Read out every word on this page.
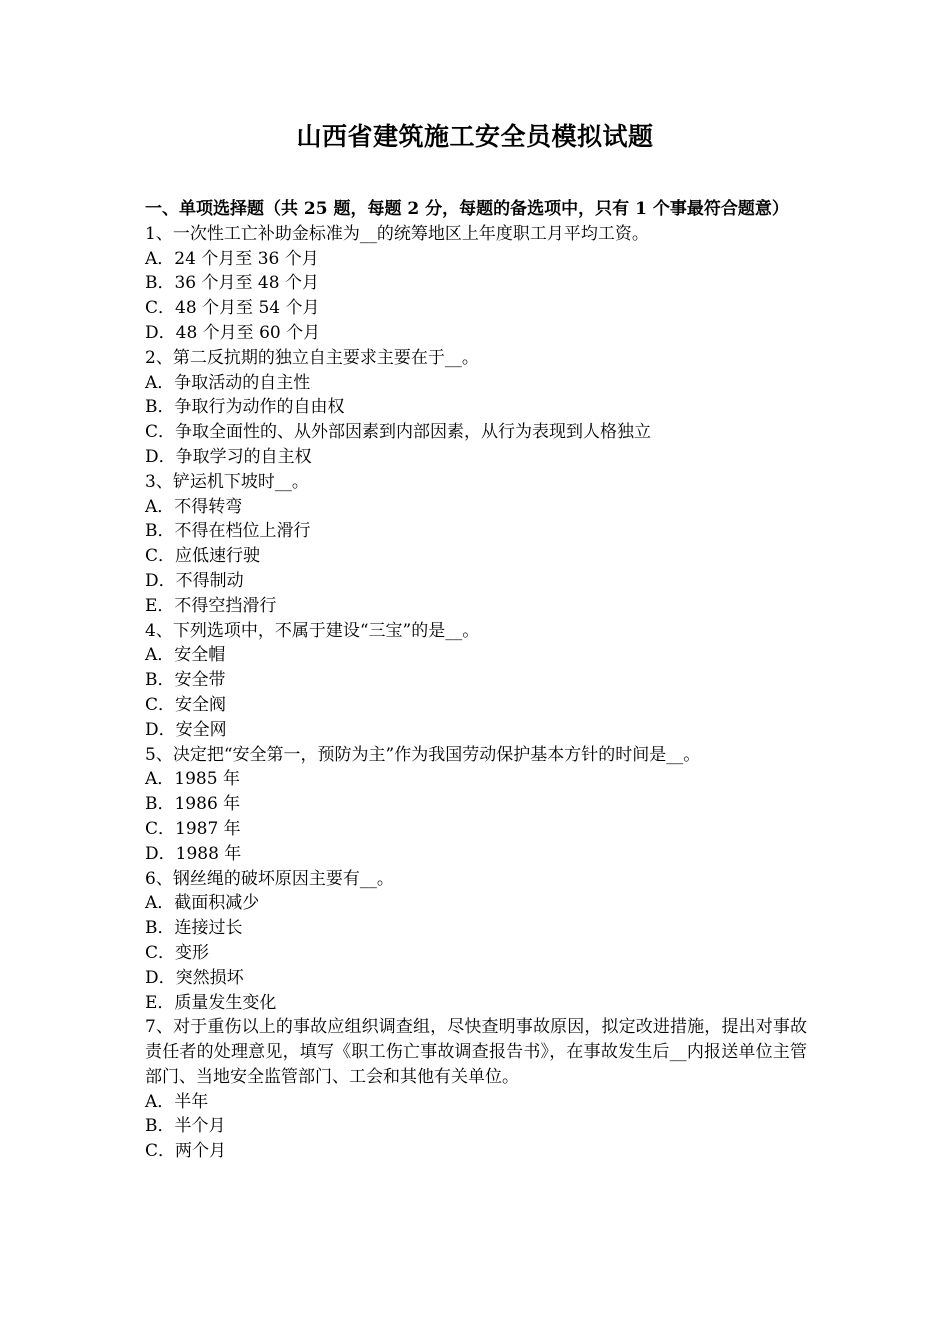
山西省建筑施工安全员模拟试题
一、单项选择题（共 25 题，每题 2 分，每题的备选项中，只有 1 个事最符合题意）
1、一次性工亡补助金标准为__的统筹地区上年度职工月平均工资。
A．24 个月至 36 个月
B．36 个月至 48 个月
C．48 个月至 54 个月
D．48 个月至 60 个月
2、第二反抗期的独立自主要求主要在于__。
A．争取活动的自主性
B．争取行为动作的自由权
C．争取全面性的、从外部因素到内部因素，从行为表现到人格独立
D．争取学习的自主权
3、铲运机下坡时__。
A．不得转弯
B．不得在档位上滑行
C．应低速行驶
D．不得制动
E．不得空挡滑行
4、下列选项中，不属于建设“三宝”的是__。
A．安全帽
B．安全带
C．安全阀
D．安全网
5、决定把“安全第一，预防为主”作为我国劳动保护基本方针的时间是__。
A．1985 年
B．1986 年
C．1987 年
D．1988 年
6、钢丝绳的破坏原因主要有__。
A．截面积减少
B．连接过长
C．变形
D．突然损坏
E．质量发生变化
7、对于重伤以上的事故应组织调查组，尽快查明事故原因，拟定改进措施，提出对事故责任者的处理意见，填写《职工伤亡事故调查报告书》，在事故发生后__内报送单位主管部门、当地安全监管部门、工会和其他有关单位。
A．半年
B．半个月
C．两个月
